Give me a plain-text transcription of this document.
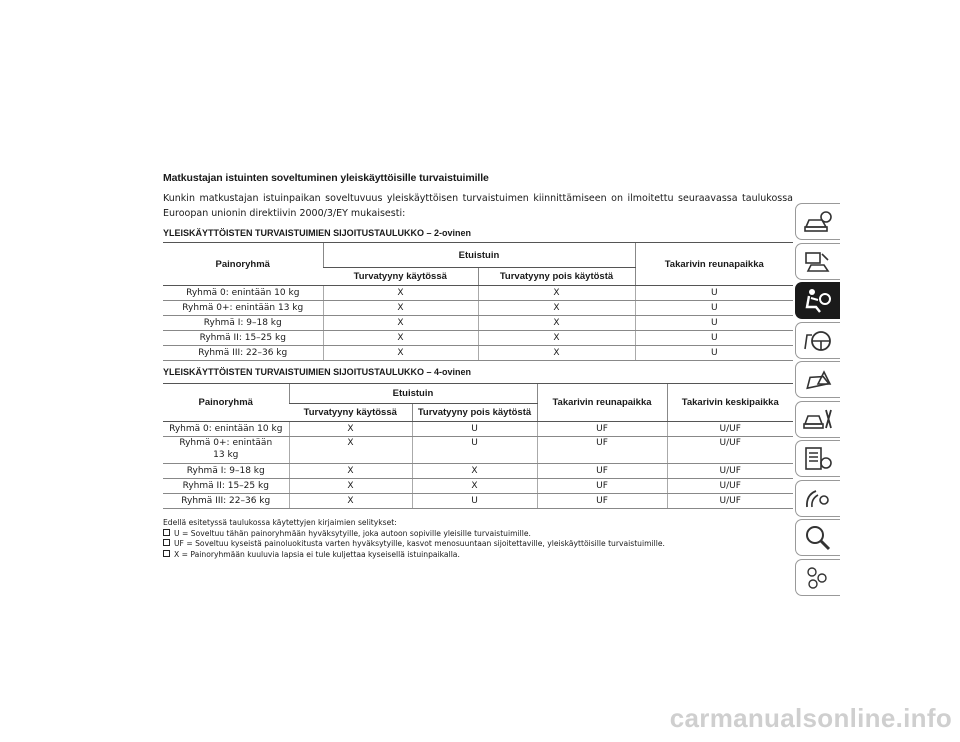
Matkustajan istuinten soveltuminen yleiskäyttöisille turvaistuimille
Kunkin matkustajan istuinpaikan soveltuvuus yleiskäyttöisen turvaistuimen kiinnittämiseen on ilmoitettu seuraavassa taulukossa Euroopan unionin direktiivin 2000/3/EY mukaisesti:
YLEISKÄYTTÖISTEN TURVAISTUIMIEN SIJOITUSTAULUKKO – 2-ovinen
Painoryhmä	Etuistuin		Takarivin reunapaikka
	Turvatyyny käytössä	Turvatyyny pois käytöstä	
Ryhmä 0: enintään 10 kg	X	X	U
Ryhmä 0+: enintään 13 kg	X	X	U
Ryhmä I: 9–18 kg	X	X	U
Ryhmä II: 15–25 kg	X	X	U
Ryhmä III: 22–36 kg	X	X	U
YLEISKÄYTTÖISTEN TURVAISTUIMIEN SIJOITUSTAULUKKO – 4-ovinen
Painoryhmä	Etuistuin		Takarivin reunapaikka	Takarivin keskipaikka
	Turvatyyny käytössä	Turvatyyny pois käytöstä		
Ryhmä 0: enintään 10 kg	X	U	UF	U/UF
Ryhmä 0+: enintään
13 kg	X	U	UF	U/UF
Ryhmä I: 9–18 kg	X	X	UF	U/UF
Ryhmä II: 15–25 kg	X	X	UF	U/UF
Ryhmä III: 22–36 kg	X	U	UF	U/UF
Edellä esitetyssä taulukossa käytettyjen kirjaimien selitykset:
U = Soveltuu tähän painoryhmään hyväksytyille, joka autoon sopiville yleisille turvaistuimille.
UF = Soveltuu kyseistä painoluokitusta varten hyväksytyille, kasvot menosuuntaan sijoitettaville, yleiskäyttöisille turvaistuimille.
X = Painoryhmään kuuluvia lapsia ei tule kuljettaa kyseisellä istuinpaikalla.
carmanualsonline.info
